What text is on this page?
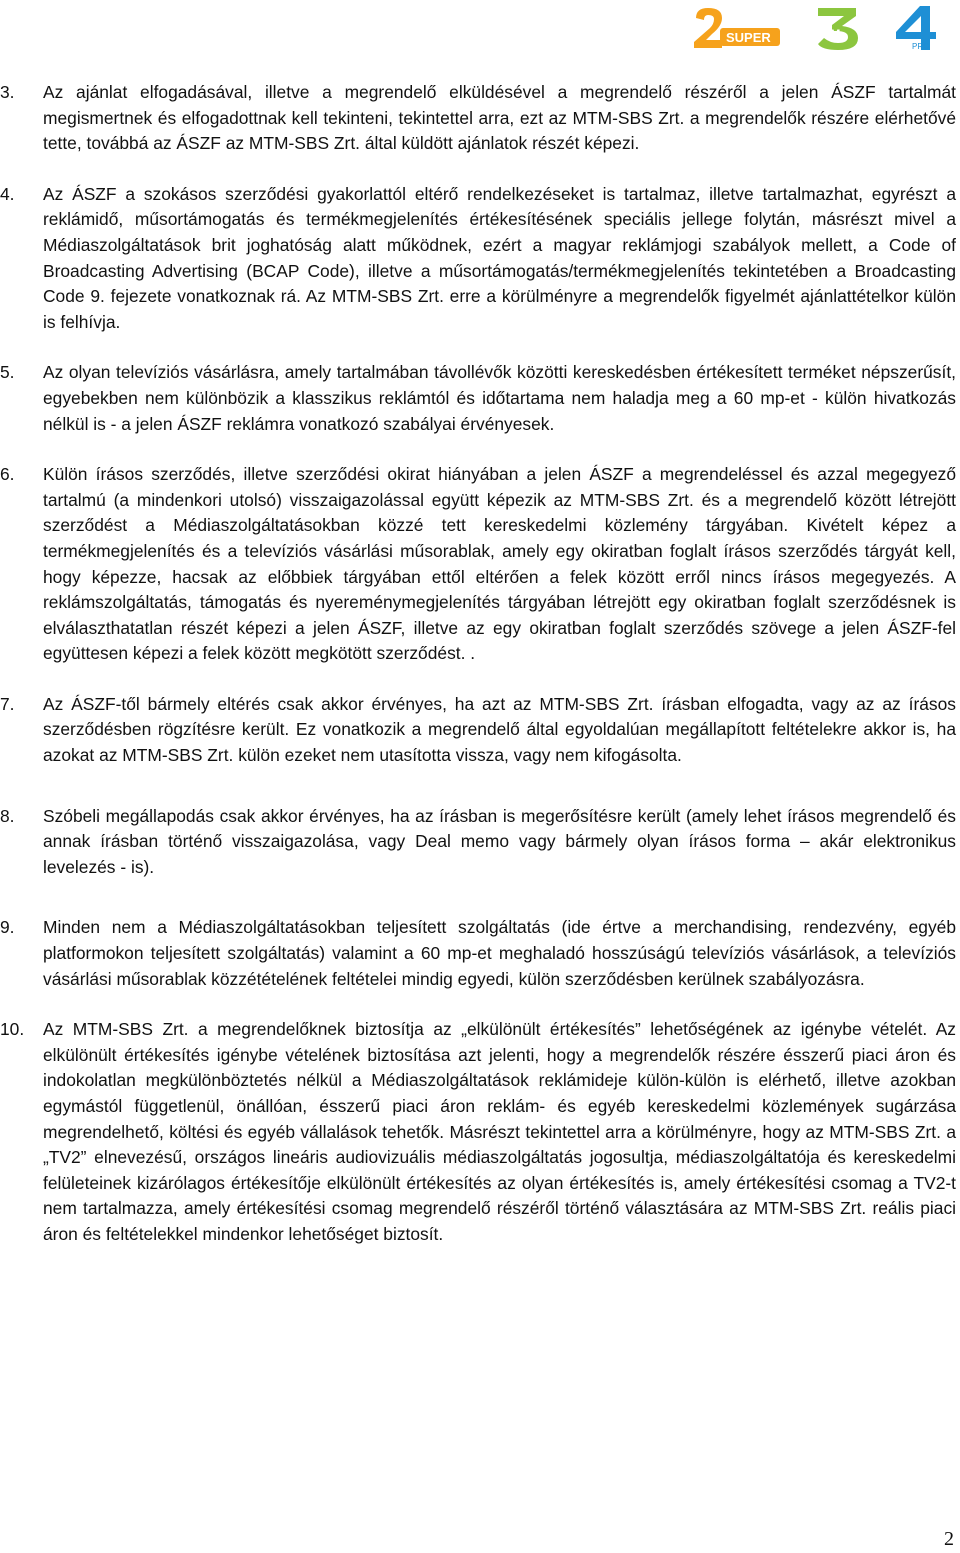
SUPER	FEM
PRO
3.	Az ajánlat elfogadásával, illetve a megrendelő elküldésével a megrendelő részéről a jelen ÁSZF tartalmát megismertnek és elfogadottnak kell tekinteni, tekintettel arra, ezt az MTM-SBS Zrt. a megrendelők részére elérhetővé tette, továbbá az ÁSZF az MTM-SBS Zrt. által küldött ajánlatok részét képezi.
4.	Az ÁSZF a szokásos szerződési gyakorlattól eltérő rendelkezéseket is tartalmaz, illetve tartalmazhat, egyrészt a reklámidő, műsortámogatás és termékmegjelenítés értékesítésének speciális jellege folytán, másrészt mivel a Médiaszolgáltatások brit joghatóság alatt működnek, ezért a magyar reklámjogi szabályok mellett, a Code of Broadcasting Advertising (BCAP Code), illetve a műsortámogatás/termékmegjelenítés tekintetében a Broadcasting Code 9. fejezete vonatkoznak rá. Az MTM-SBS Zrt. erre a körülményre a megrendelők figyelmét ajánlattételkor külön is felhívja.
5.	Az olyan televíziós vásárlásra, amely tartalmában távollévők közötti kereskedésben értékesített terméket népszerűsít, egyebekben nem különbözik a klasszikus reklámtól és időtartama nem haladja meg a 60 mp-et - külön hivatkozás nélkül is - a jelen ÁSZF reklámra vonatkozó szabályai érvényesek.
6.	Külön írásos szerződés, illetve szerződési okirat hiányában a jelen ÁSZF a megrendeléssel és azzal megegyező tartalmú (a mindenkori utolsó) visszaigazolással együtt képezik az MTM-SBS Zrt. és a megrendelő között létrejött szerződést a Médiaszolgáltatásokban közzé tett kereskedelmi közlemény tárgyában. Kivételt képez a termékmegjelenítés és a televíziós vásárlási műsorablak, amely egy okiratban foglalt írásos szerződés tárgyát kell, hogy képezze, hacsak az előbbiek tárgyában ettől eltérően a felek között erről nincs írásos megegyezés. A reklámszolgáltatás, támogatás és nyereménymegjelenítés tárgyában létrejött egy okiratban foglalt szerződésnek is elválaszthatatlan részét képezi a jelen ÁSZF, illetve az egy okiratban foglalt szerződés szövege a jelen ÁSZF-fel együttesen képezi a felek között megkötött szerződést. .
7.	Az ÁSZF-től bármely eltérés csak akkor érvényes, ha azt az MTM-SBS Zrt. írásban elfogadta, vagy az az írásos szerződésben rögzítésre került. Ez vonatkozik a megrendelő által egyoldalúan megállapított feltételekre akkor is, ha azokat az MTM-SBS Zrt. külön ezeket nem utasította vissza, vagy nem kifogásolta.
8.	Szóbeli megállapodás csak akkor érvényes, ha az írásban is megerősítésre került (amely lehet írásos megrendelő és annak írásban történő visszaigazolása, vagy Deal memo vagy bármely olyan írásos forma – akár elektronikus levelezés - is).
9.	Minden nem a Médiaszolgáltatásokban teljesített szolgáltatás (ide értve a merchandising, rendezvény, egyéb platformokon teljesített szolgáltatás) valamint a 60 mp-et meghaladó hosszúságú televíziós vásárlások, a televíziós vásárlási műsorablak közzétételének feltételei mindig egyedi, külön szerződésben kerülnek szabályozásra.
10.	Az MTM-SBS Zrt. a megrendelőknek biztosítja az „elkülönült értékesítés” lehetőségének az igénybe vételét. Az elkülönült értékesítés igénybe vételének biztosítása azt jelenti, hogy a megrendelők részére ésszerű piaci áron és indokolatlan megkülönböztetés nélkül a Médiaszolgáltatások reklámideje külön-külön is elérhető, illetve azokban egymástól függetlenül, önállóan, ésszerű piaci áron reklám- és egyéb kereskedelmi közlemények sugárzása megrendelhető, költési és egyéb vállalások tehetők. Másrészt tekintettel arra a körülményre, hogy az MTM-SBS Zrt. a „TV2” elnevezésű, országos lineáris audiovizuális médiaszolgáltatás jogosultja, médiaszolgáltatója és kereskedelmi felületeinek kizárólagos értékesítője elkülönült értékesítés az olyan értékesítés is, amely értékesítési csomag a TV2-t nem tartalmazza, amely értékesítési csomag megrendelő részéről történő választására az MTM-SBS Zrt. reális piaci áron és feltételekkel mindenkor lehetőséget biztosít.
2
